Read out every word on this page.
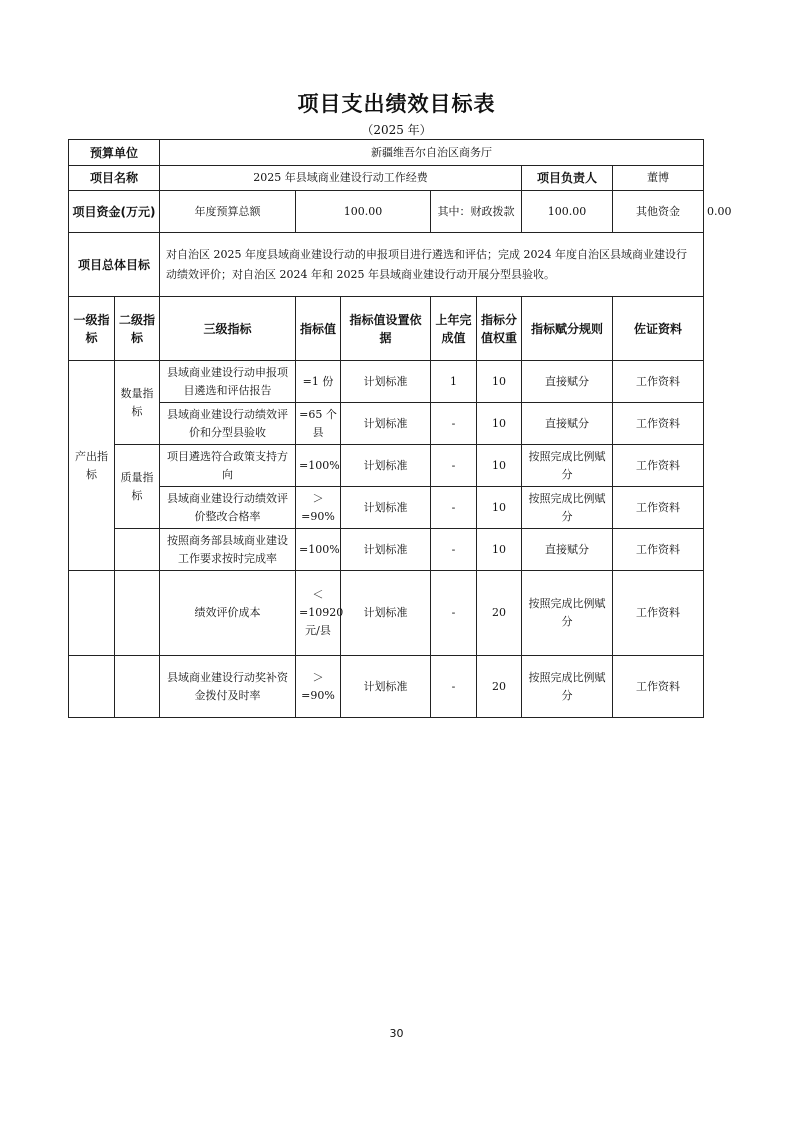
项目支出绩效目标表
（2025 年）
预算单位		新疆维吾尔自治区商务厅							
项目名称		2025 年县域商业建设行动工作经费					项目负责人	董博	
项目资金(万元)		年度预算总额	100.00		其中：财政拨款		100.00	其他资金	0.00
项目总体目标		对自治区 2025 年度县域商业建设行动的申报项目进行遴选和评估；完成 2024 年度自治区县域商业建设行动绩效评价；对自治区 2024 年和 2025 年县域商业建设行动开展分型县验收。							
一级指标	二级指标	三级指标	指标值	指标值设置依据	上年完成值	指标分值权重	指标赋分规则	佐证资料	
产出指标	数量指标	县域商业建设行动申报项目遴选和评估报告	=1 份	计划标准	1	10	直接赋分	工作资料	
		县域商业建设行动绩效评价和分型县验收	=65 个县	计划标准	-	10	直接赋分	工作资料	
	质量指标	项目遴选符合政策支持方向	=100%	计划标准	-	10	按照完成比例赋分	工作资料	
		县域商业建设行动绩效评价整改合格率	＞=90%	计划标准	-	10	按照完成比例赋分	工作资料	
		按照商务部县域商业建设工作要求按时完成率	=100%	计划标准	-	10	直接赋分	工作资料	
		绩效评价成本	＜=10920 元/县	计划标准	-	20	按照完成比例赋分	工作资料	
		县域商业建设行动奖补资金拨付及时率	＞=90%	计划标准	-	20	按照完成比例赋分	工作资料	
30
